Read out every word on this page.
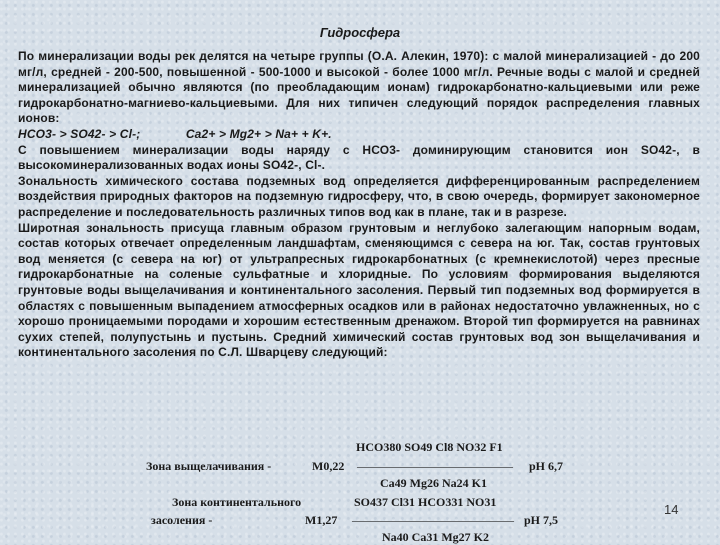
Гидросфера

По минерализации воды рек делятся на четыре группы (О.А. Алекин, 1970): с малой минерализацией - до 200 мг/л, средней - 200-500, повышенной - 500-1000 и высокой - более 1000 мг/л. Речные воды с малой и средней минерализацией обычно являются (по преобладающим ионам) гидрокарбонатно-кальциевыми или реже гидрокарбонатно-магниево-кальциевыми. Для них типичен следующий порядок распределения главных ионов:

НСО3- > SO42- > Cl-;	Ca2+ > Mg2+ > Na+ + K+.

С повышением минерализации воды наряду с НСО3- доминирующим становится ион SO42-, в высокоминерализованных водах ионы SO42-, Cl-.

Зональность химического состава подземных вод определяется дифференцированным распределением воздействия природных факторов на подземную гидросферу, что, в свою очередь, формирует закономерное распределение и последовательность различных типов вод как в плане, так и в разрезе.

Широтная зональность присуща главным образом грунтовым и неглубоко залегающим напорным водам, состав которых отвечает определенным ландшафтам, сменяющимся с севера на юг. Так, состав грунтовых вод меняется (с севера на юг) от ультрапресных гидрокарбонатных (с кремнекислотой) через пресные гидрокарбонатные на соленые сульфатные и хлоридные. По условиям формирования выделяются грунтовые воды выщелачивания и континентального засоления. Первый тип подземных вод формируется в областях с повышенным выпадением атмосферных осадков или в районах недостаточно увлажненных, но с хорошо проницаемыми породами и хорошим естественным дренажом. Второй тип формируется на равнинах сухих степей, полупустынь и пустынь. Средний химический состав грунтовых вод зон выщелачивания и континентального засоления по С.Л. Шварцеву следующий:

НСО380 SO49 Cl8 NO32 F1
Зона выщелачивания -	М0,22 –––––––––––––––––––––––––– pH 6,7
Ca49 Mg26 Na24 K1
Зона континентального	SO437 Cl31 НСО331 NO31
засоления -	М1,27 ––––––––––––––––––––––––––– pH 7,5
Na40 Ca31 Mg27 K2
14
